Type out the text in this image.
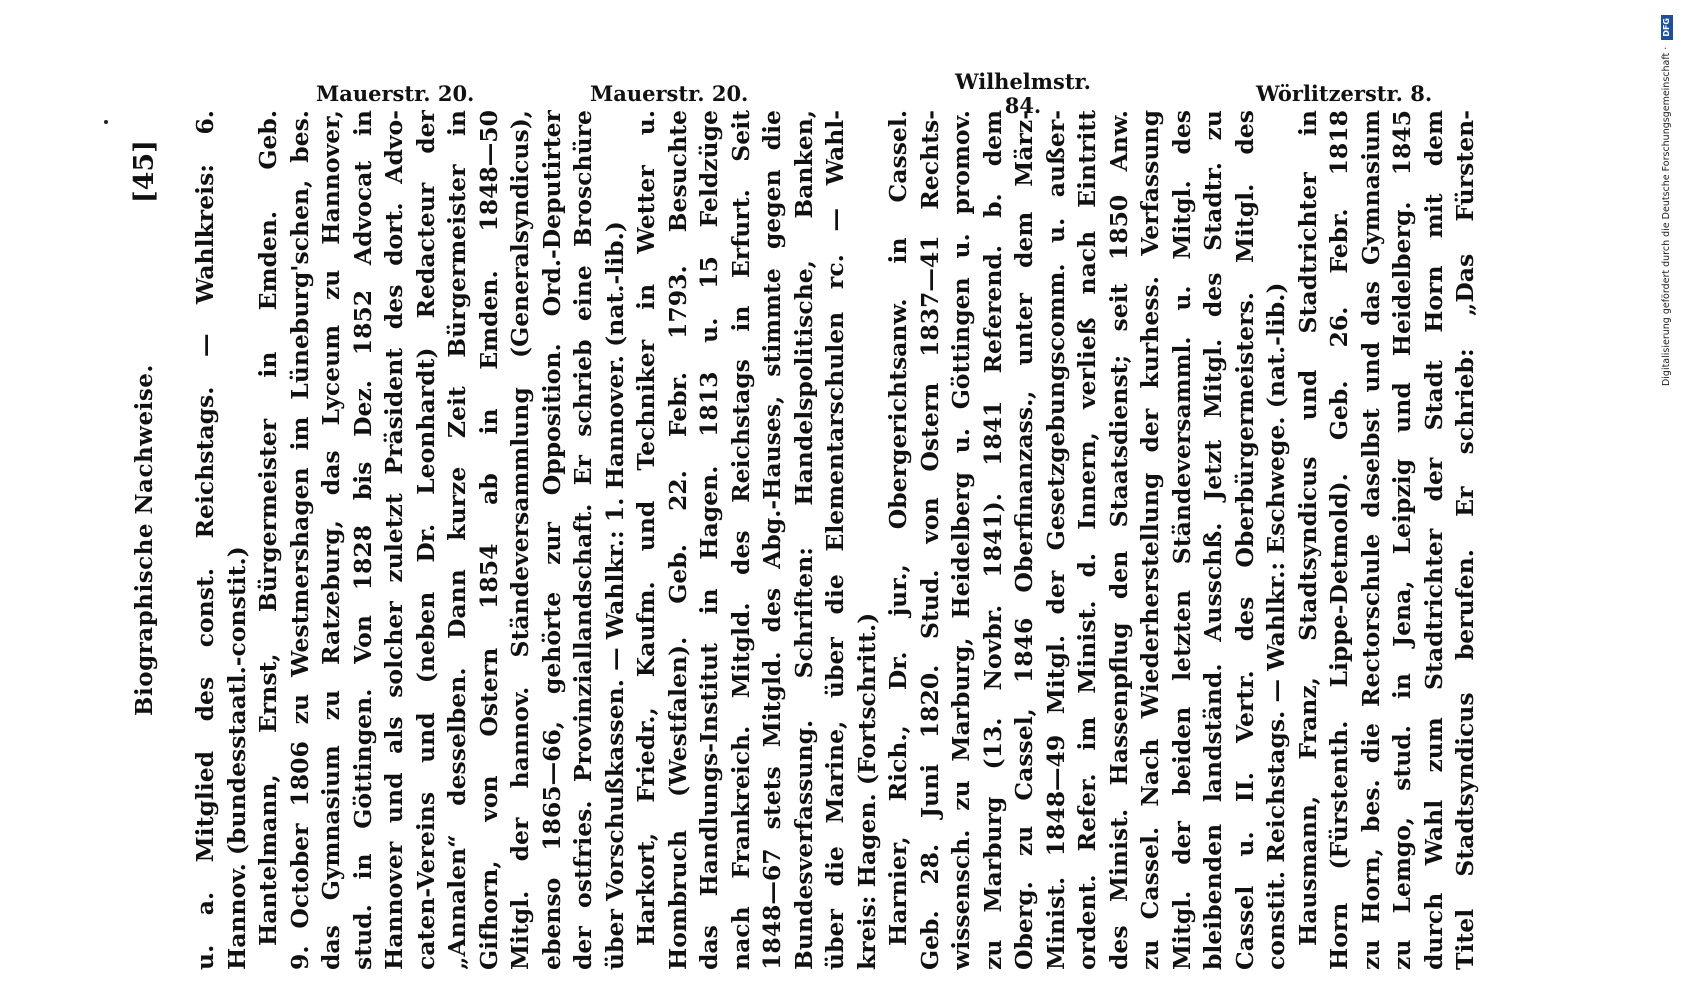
Biographische Nachweise.
[45] u. a. Mitglied des const. Reichstags. — Wahlkreis: 6. Hannov. (bundesstaatl.-constit.) Hantelmann, Ernst, Bürgermeister in Emden. Geb. 9. October 1806 zu Westmershagen im Lüneburg'schen, bes. das Gymnasium zu Ratzeburg, das Lyceum zu Hannover, stud. in Göttingen. Von 1828 bis Dez. 1852 Advocat in Hannover und als solcher zuletzt Präsident des dort. Advo- caten-Vereins und (neben Dr. Leonhardt) Redacteur der „Annalen“ desselben. Dann kurze Zeit Bürgermeister in Gifhorn, von Ostern 1854 ab in Emden. 1848—50 Mitgl. der hannov. Ständeversammlung (Generalsyndicus), ebenso 1865—66, gehörte zur Opposition. Ord.-Deputirter der ostfries. Provinziallandschaft. Er schrieb eine Broschüre über Vorschußkassen. — Wahlkr.: 1. Hannover. (nat.-lib.) Harkort, Friedr., Kaufm. und Techniker in Wetter u. Hombruch (Westfalen). Geb. 22. Febr. 1793. Besuchte das Handlungs-Institut in Hagen. 1813 u. 15 Feldzüge nach Frankreich. Mitgld. des Reichstags in Erfurt. Seit 1848—67 stets Mitgld. des Abg.-Hauses, stimmte gegen die Bundesverfassung. Schriften: Handelspolitische, Banken, über die Marine, über die Elementarschulen rc. — Wahl- kreis: Hagen. (Fortschritt.) Harnier, Rich., Dr. jur., Obergerichtsanw. in Cassel. Geb. 28. Juni 1820. Stud. von Ostern 1837—41 Rechts- wissensch. zu Marburg, Heidelberg u. Göttingen u. promov. zu Marburg (13. Novbr. 1841). 1841 Referend. b. dem Oberg. zu Cassel, 1846 Oberfinanzass., unter dem März- Minist. 1848—49 Mitgl. der Gesetzgebungscomm. u. außer- ordent. Refer. im Minist. d. Innern, verließ nach Eintritt des Minist. Hassenpflug den Staatsdienst; seit 1850 Anw. zu Cassel. Nach Wiederherstellung der kurhess. Verfassung Mitgl. der beiden letzten Ständeversamml. u. Mitgl. des bleibenden landständ. Ausschß. Jetzt Mitgl. des Stadtr. zu Cassel u. II. Vertr. des Oberbürgermeisters. Mitgl. des constit. Reichstags. — Wahlkr.: Eschwege. (nat.-lib.) Hausmann, Franz, Stadtsyndicus und Stadtrichter in Horn (Fürstenth. Lippe-Detmold). Geb. 26. Febr. 1818 zu Horn, bes. die Rectorschule daselbst und das Gymnasium zu Lemgo, stud. in Jena, Leipzig und Heidelberg. 1845 durch Wahl zum Stadtrichter der Stadt Horn mit dem Titel Stadtsyndicus berufen. Er schrieb: „Das Fürsten-
Mauerstr. 20.	Mauerstr. 20.	Wilhelmstr.
84.	Wörlitzerstr. 8.	Digitalisierung gefördert durch die Deutsche Forschungsgemeinschaft · DFG
